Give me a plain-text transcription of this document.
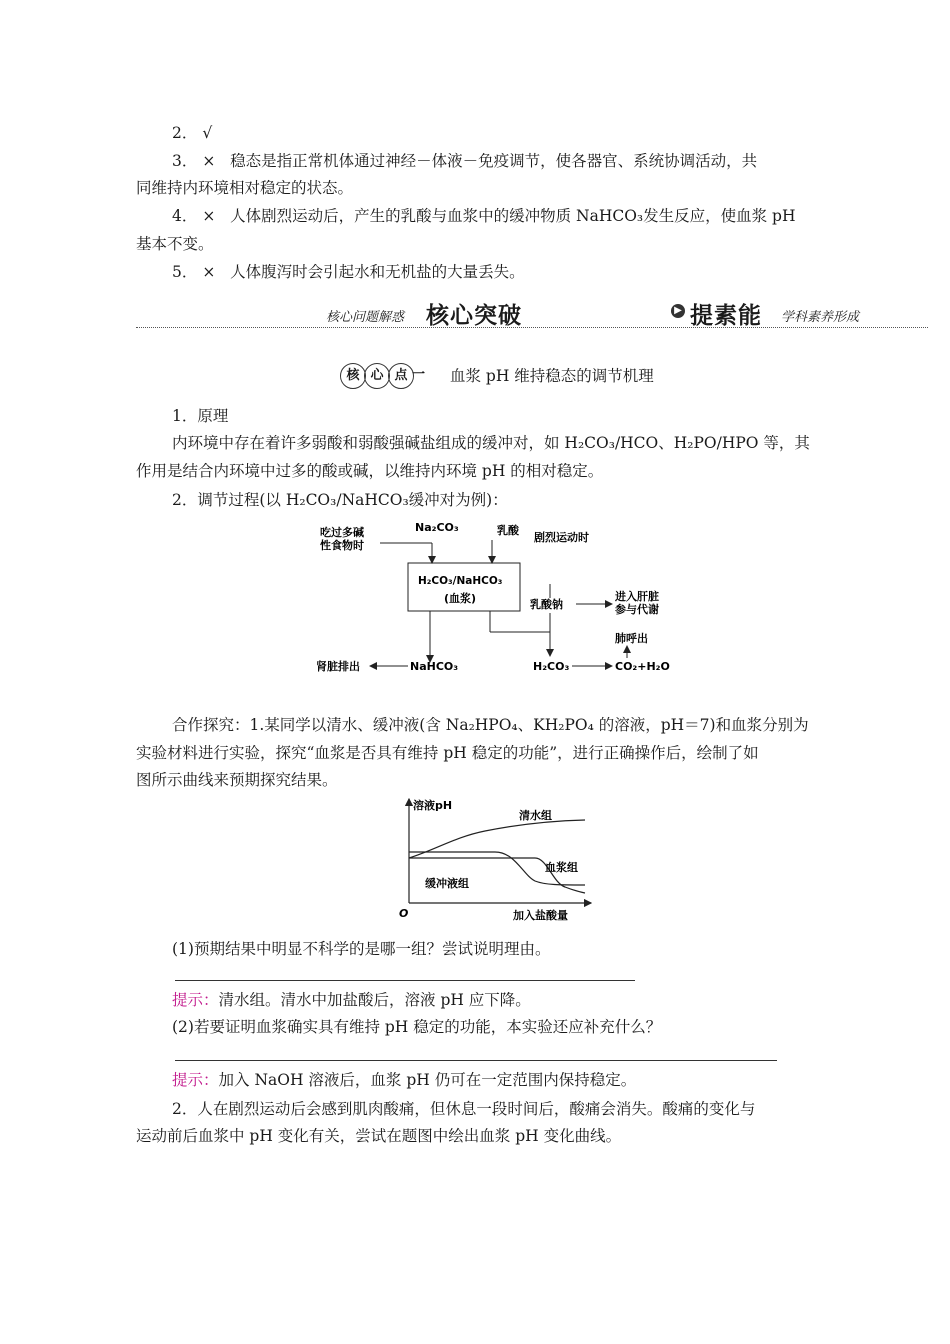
2． √
3． × 稳态是指正常机体通过神经－体液－免疫调节，使各器官、系统协调活动，共
同维持内环境相对稳定的状态。
4． × 人体剧烈运动后，产生的乳酸与血浆中的缓冲物质 NaHCO₃发生反应，使血浆 pH
基本不变。
5． × 人体腹泻时会引起水和无机盐的大量丢失。
核心问题解惑 核心突破	▶ 提素能 学科素养形成
核 心 点 一	血浆 pH 维持稳态的调节机理
1．原理
内环境中存在着许多弱酸和弱酸强碱盐组成的缓冲对，如 H₂CO₃/HCO、H₂PO/HPO 等，其
作用是结合内环境中过多的酸或碱，以维持内环境 pH 的相对稳定。
2．调节过程(以 H₂CO₃/NaHCO₃缓冲对为例)：
吃过多碱
性食物时
Na₂CO₃	乳酸
剧烈运动时
H₂CO₃/NaHCO₃
(血浆)	乳酸钠
进入肝脏
参与代谢
肺呼出
肾脏排出	NaHCO₃	H₂CO₃	CO₂+H₂O
合作探究：1.某同学以清水、缓冲液(含 Na₂HPO₄、KH₂PO₄ 的溶液，pH＝7)和血浆分别为
实验材料进行实验，探究“血浆是否具有维持 pH 稳定的功能”，进行正确操作后，绘制了如
图所示曲线来预期探究结果。
溶液pH
加入盐酸量
O
清水组
血浆组
缓冲液组
(1)预期结果中明显不科学的是哪一组？尝试说明理由。
提示：清水组。清水中加盐酸后，溶液 pH 应下降。
(2)若要证明血浆确实具有维持 pH 稳定的功能，本实验还应补充什么？
提示：加入 NaOH 溶液后，血浆 pH 仍可在一定范围内保持稳定。
2．人在剧烈运动后会感到肌肉酸痛，但休息一段时间后，酸痛会消失。酸痛的变化与
运动前后血浆中 pH 变化有关，尝试在题图中绘出血浆 pH 变化曲线。
